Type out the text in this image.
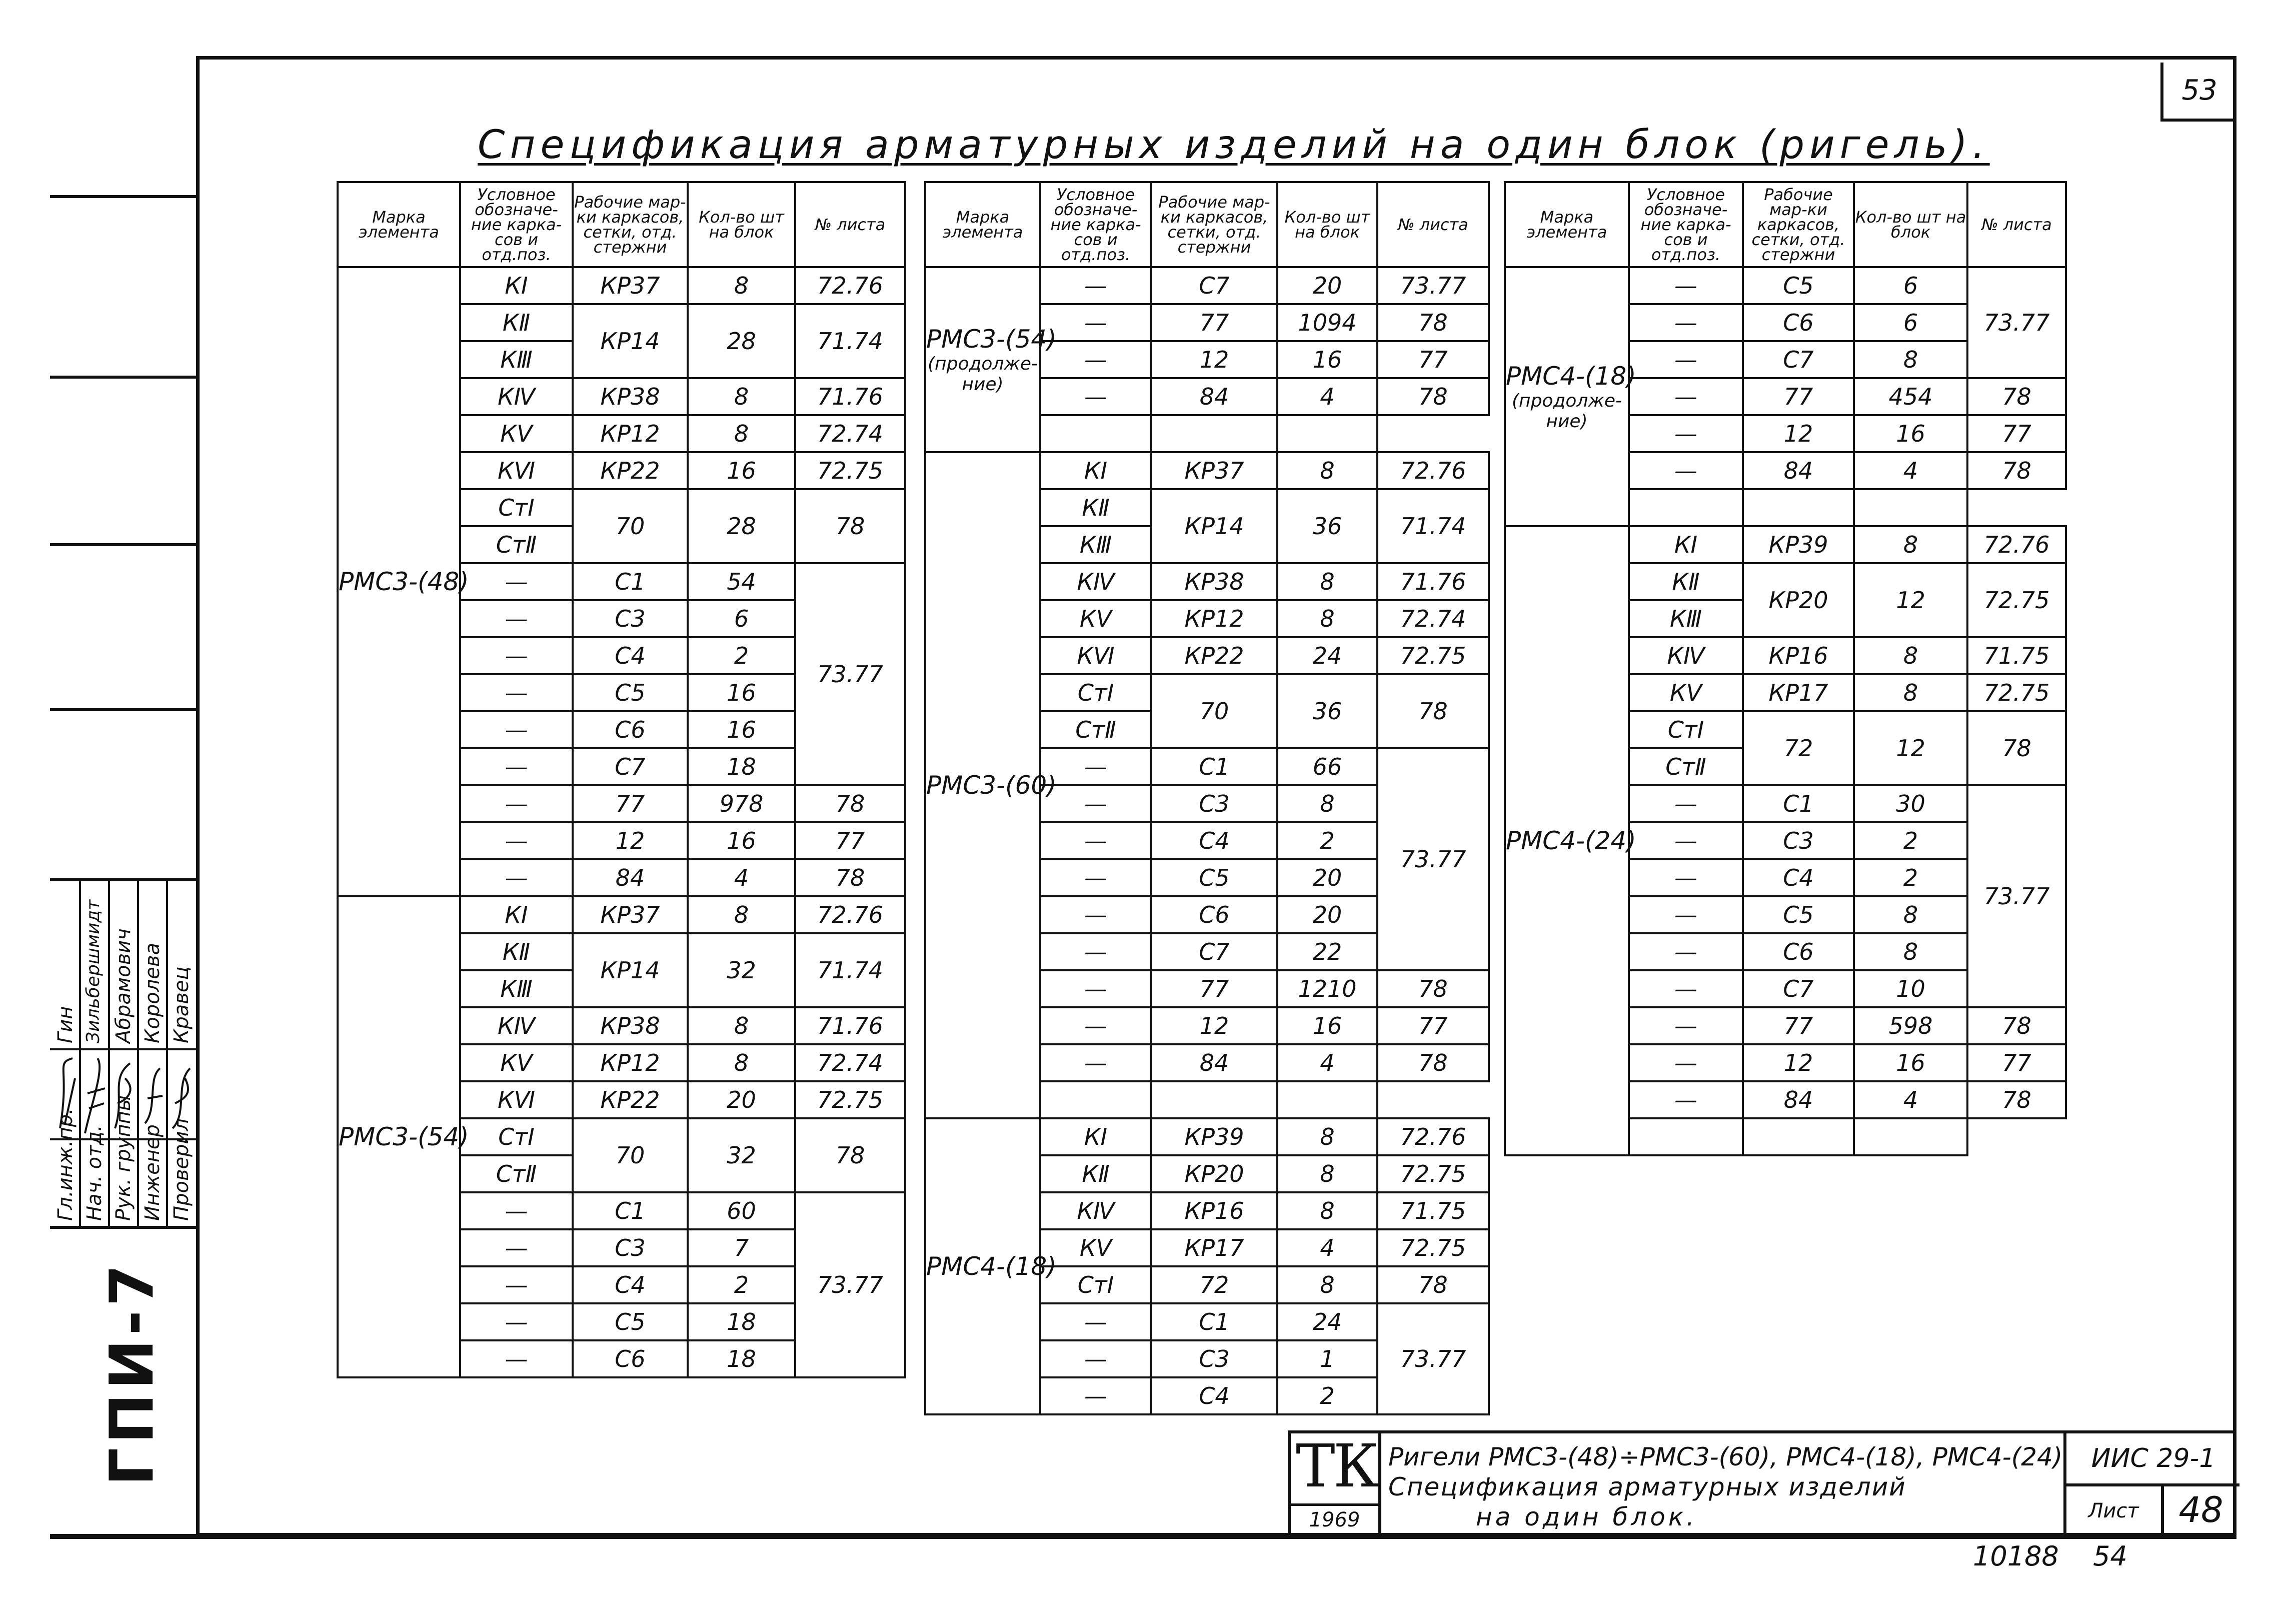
53
Спецификация арматурных изделий на один блок (ригель).
Марка элемента	Условное обозначе-ние карка-сов и отд.поз.	Рабочие мар-ки каркасов, сетки, отд. стержни	Кол-во шт на блок	№ листа
РМС3-(48)	КⅠ	КР37	8	72.76
	КⅡ	КР14	28	71.74
	КⅢ			
	КⅣ	КР38	8	71.76
	КⅤ	КР12	8	72.74
	КⅥ	КР22	16	72.75
	СтⅠ	70	28	78
	СтⅡ			
	—	С1	54	73.77
	—	С3	6	
	—	С4	2	
	—	С5	16	
	—	С6	16	
	—	С7	18	
	—	77	978	78
	—	12	16	77
	—	84	4	78
РМС3-(54)	КⅠ	КР37	8	72.76
	КⅡ	КР14	32	71.74
	КⅢ			
	КⅣ	КР38	8	71.76
	КⅤ	КР12	8	72.74
	КⅥ	КР22	20	72.75
	СтⅠ	70	32	78
	СтⅡ			
	—	С1	60	73.77
	—	С3	7	
	—	С4	2	
	—	С5	18	
	—	С6	18	
Марка элемента	Условное обозначе-ние карка-сов и отд.поз.	Рабочие мар-ки каркасов, сетки, отд. стержни	Кол-во шт на блок	№ листа
РМС3-(54)
(продолже-ние)	—	С7	20	73.77
	—	77	1094	78
	—	12	16	77
	—	84	4	78

РМС3-(60)	КⅠ	КР37	8	72.76
	КⅡ	КР14	36	71.74
	КⅢ			
	КⅣ	КР38	8	71.76
	КⅤ	КР12	8	72.74
	КⅥ	КР22	24	72.75
	СтⅠ	70	36	78
	СтⅡ			
	—	С1	66	73.77
	—	С3	8	
	—	С4	2	
	—	С5	20	
	—	С6	20	
	—	С7	22	
	—	77	1210	78
	—	12	16	77
	—	84	4	78

РМС4-(18)	КⅠ	КР39	8	72.76
	КⅡ	КР20	8	72.75
	КⅣ	КР16	8	71.75
	КⅤ	КР17	4	72.75
	СтⅠ	72	8	78
	—	С1	24	73.77
	—	С3	1	
	—	С4	2	
Марка элемента	Условное обозначе-ние карка-сов и отд.поз.	Рабочие мар-ки каркасов, сетки, отд. стержни	Кол-во шт на блок	№ листа
РМС4-(18)
(продолже-ние)	—	С5	6	73.77
	—	С6	6	
	—	С7	8	
	—	77	454	78
	—	12	16	77
	—	84	4	78

РМС4-(24)	КⅠ	КР39	8	72.76
	КⅡ	КР20	12	72.75
	КⅢ			
	КⅣ	КР16	8	71.75
	КⅤ	КР17	8	72.75
	СтⅠ	72	12	78
	СтⅡ			
	—	С1	30	73.77
	—	С3	2	
	—	С4	2	
	—	С5	8	
	—	С6	8	
	—	С7	10	
	—	77	598	78
	—	12	16	77
	—	84	4	78

Гл.инж.пр. Нач. отд. Рук. группы Инженер Проверил
Гин Зильбершмидт Абрамович Королева Кравец
ГПИ-7	ТК
1969
Ригели РМС3-(48)÷РМС3-(60), РМС4-(18), РМС4-(24)
Спецификация арматурных изделий
на один блок.
ИИС 29-1
Лист	48
10188 54
